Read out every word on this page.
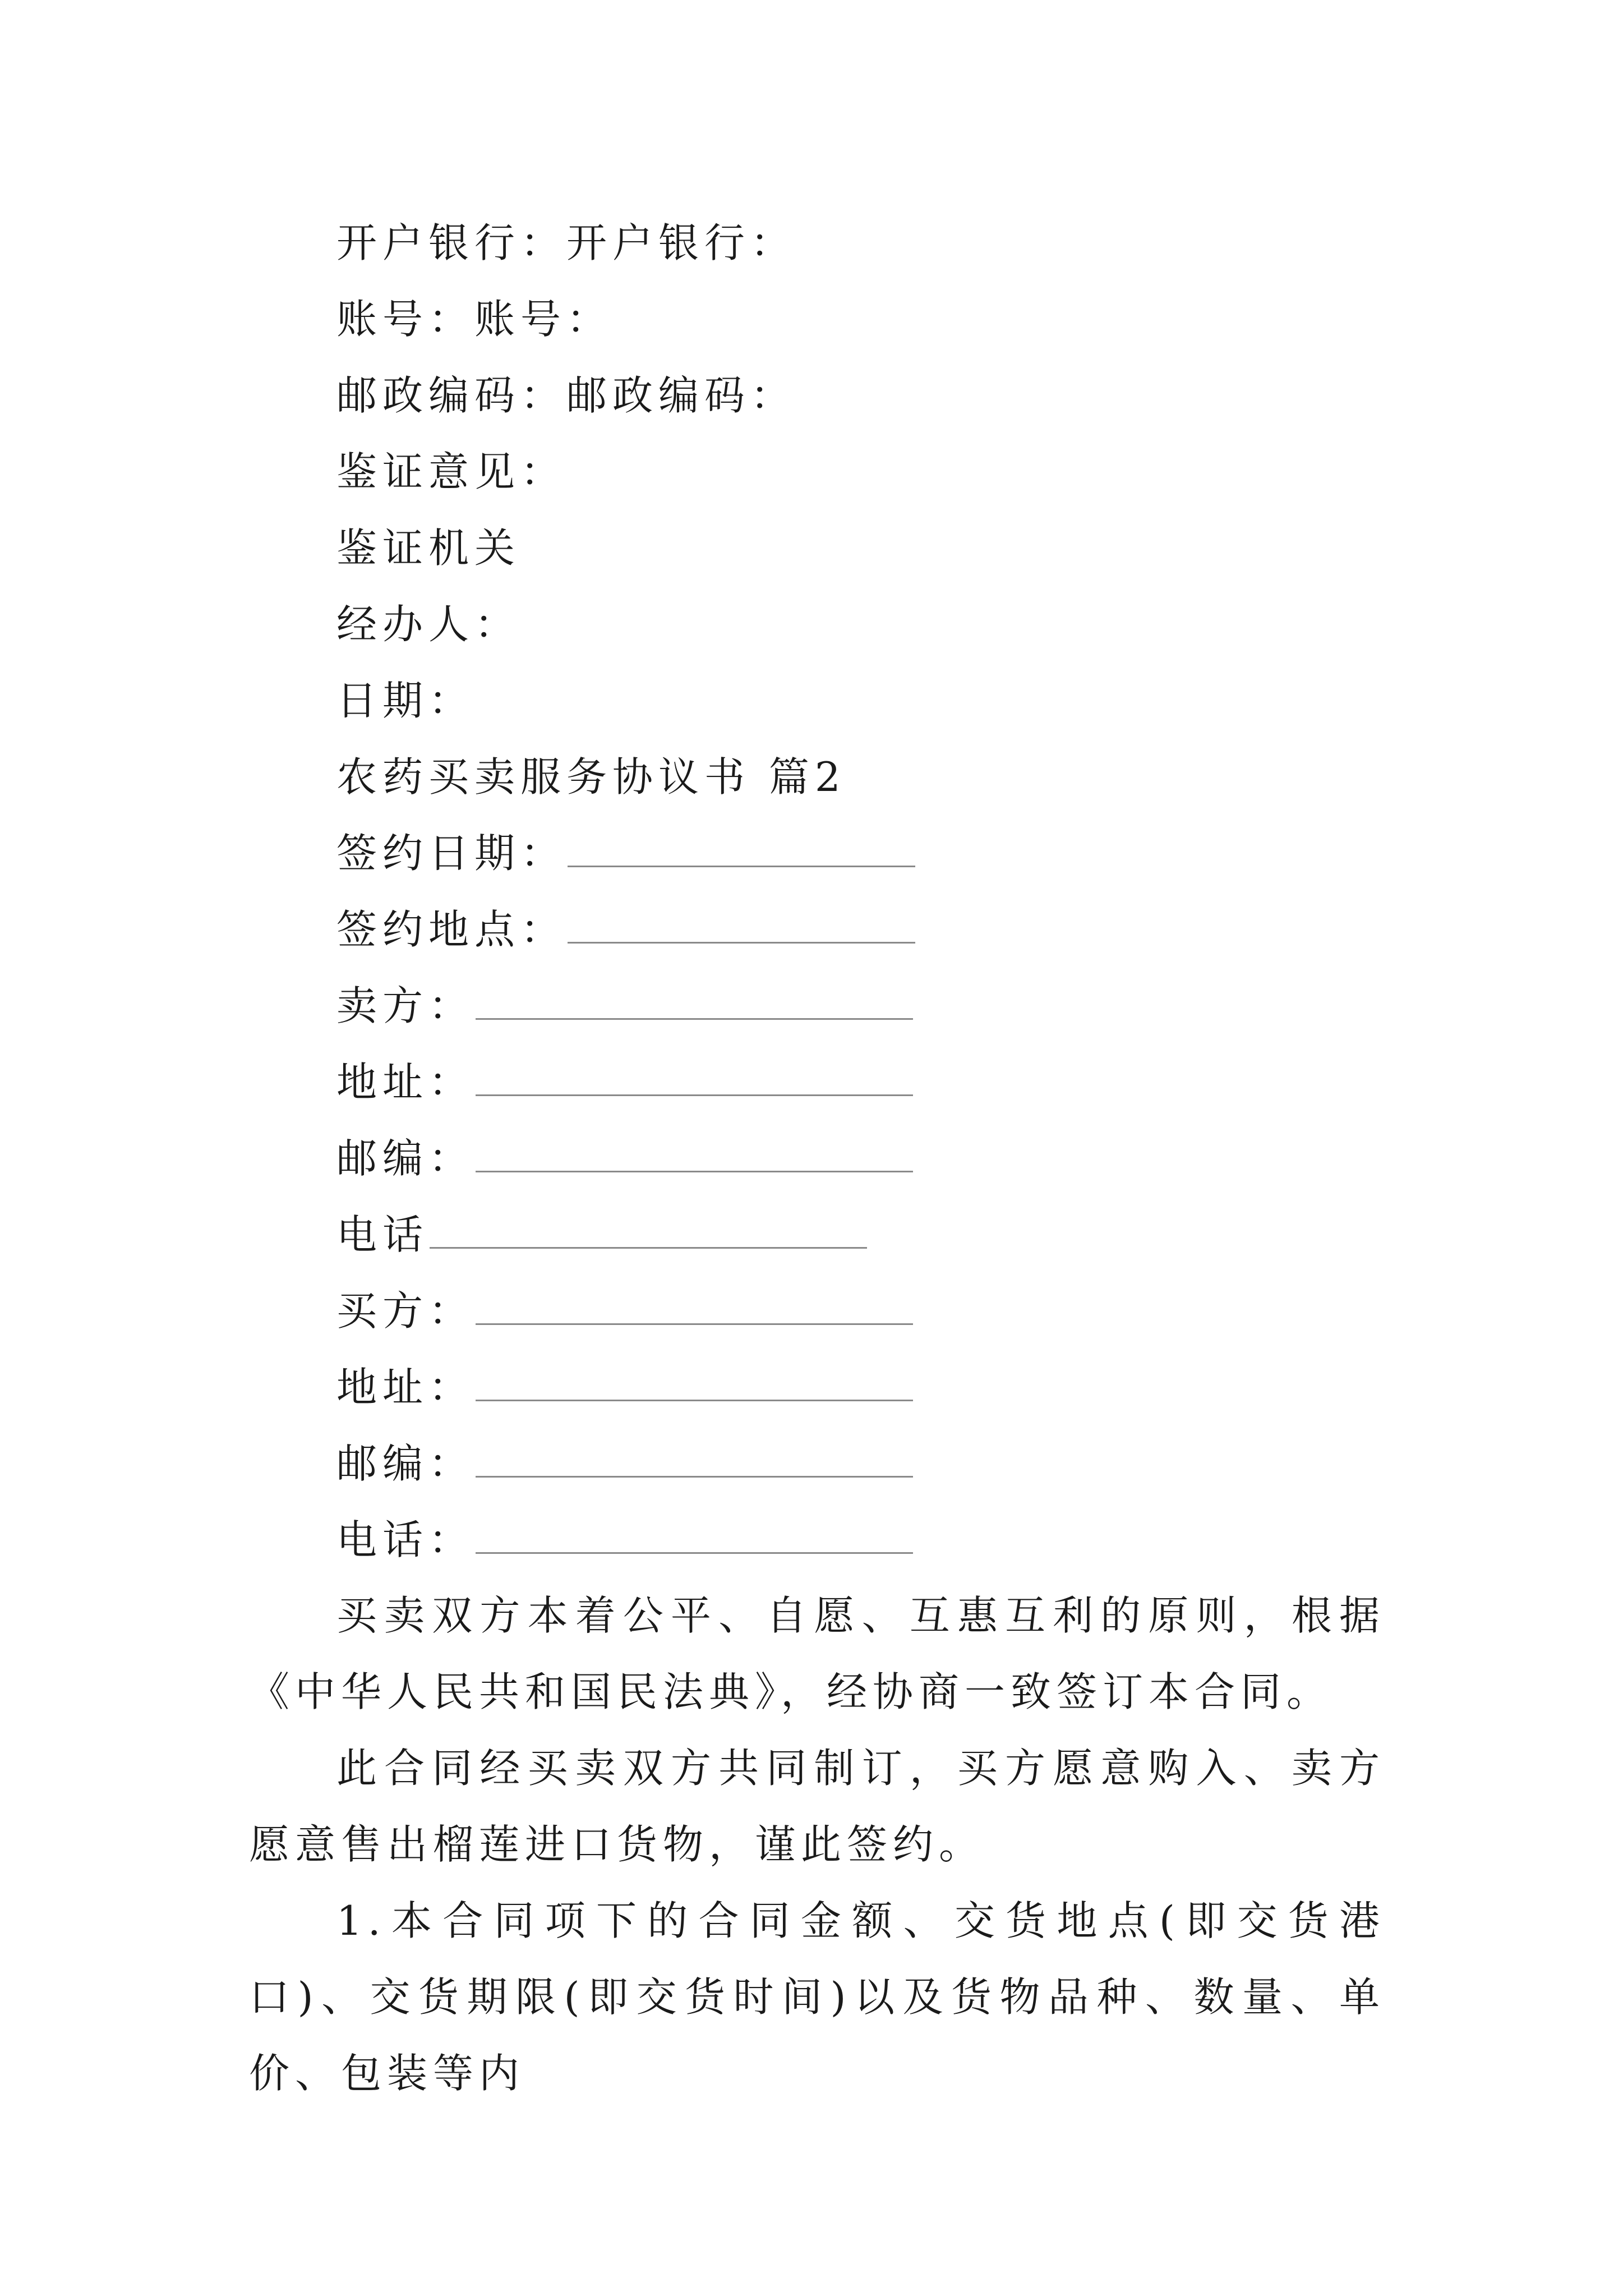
开户银行：开户银行：
账号：账号：
邮政编码：邮政编码：
鉴证意见：
鉴证机关
经办人：
日期：
农药买卖服务协议书 篇2
签约日期：
签约地点：
卖方：
地址：
邮编：
电话
买方：
地址：
邮编：
电话：

买卖双方本着公平、自愿、互惠互利的原则，根据《中华人民共和国民法典》，经协商一致签订本合同。

此合同经买卖双方共同制订，买方愿意购入、卖方愿意售出榴莲进口货物，谨此签约。

1.本合同项下的合同金额、交货地点(即交货港口)、交货期限(即交货时间)以及货物品种、数量、单价、包装等内
